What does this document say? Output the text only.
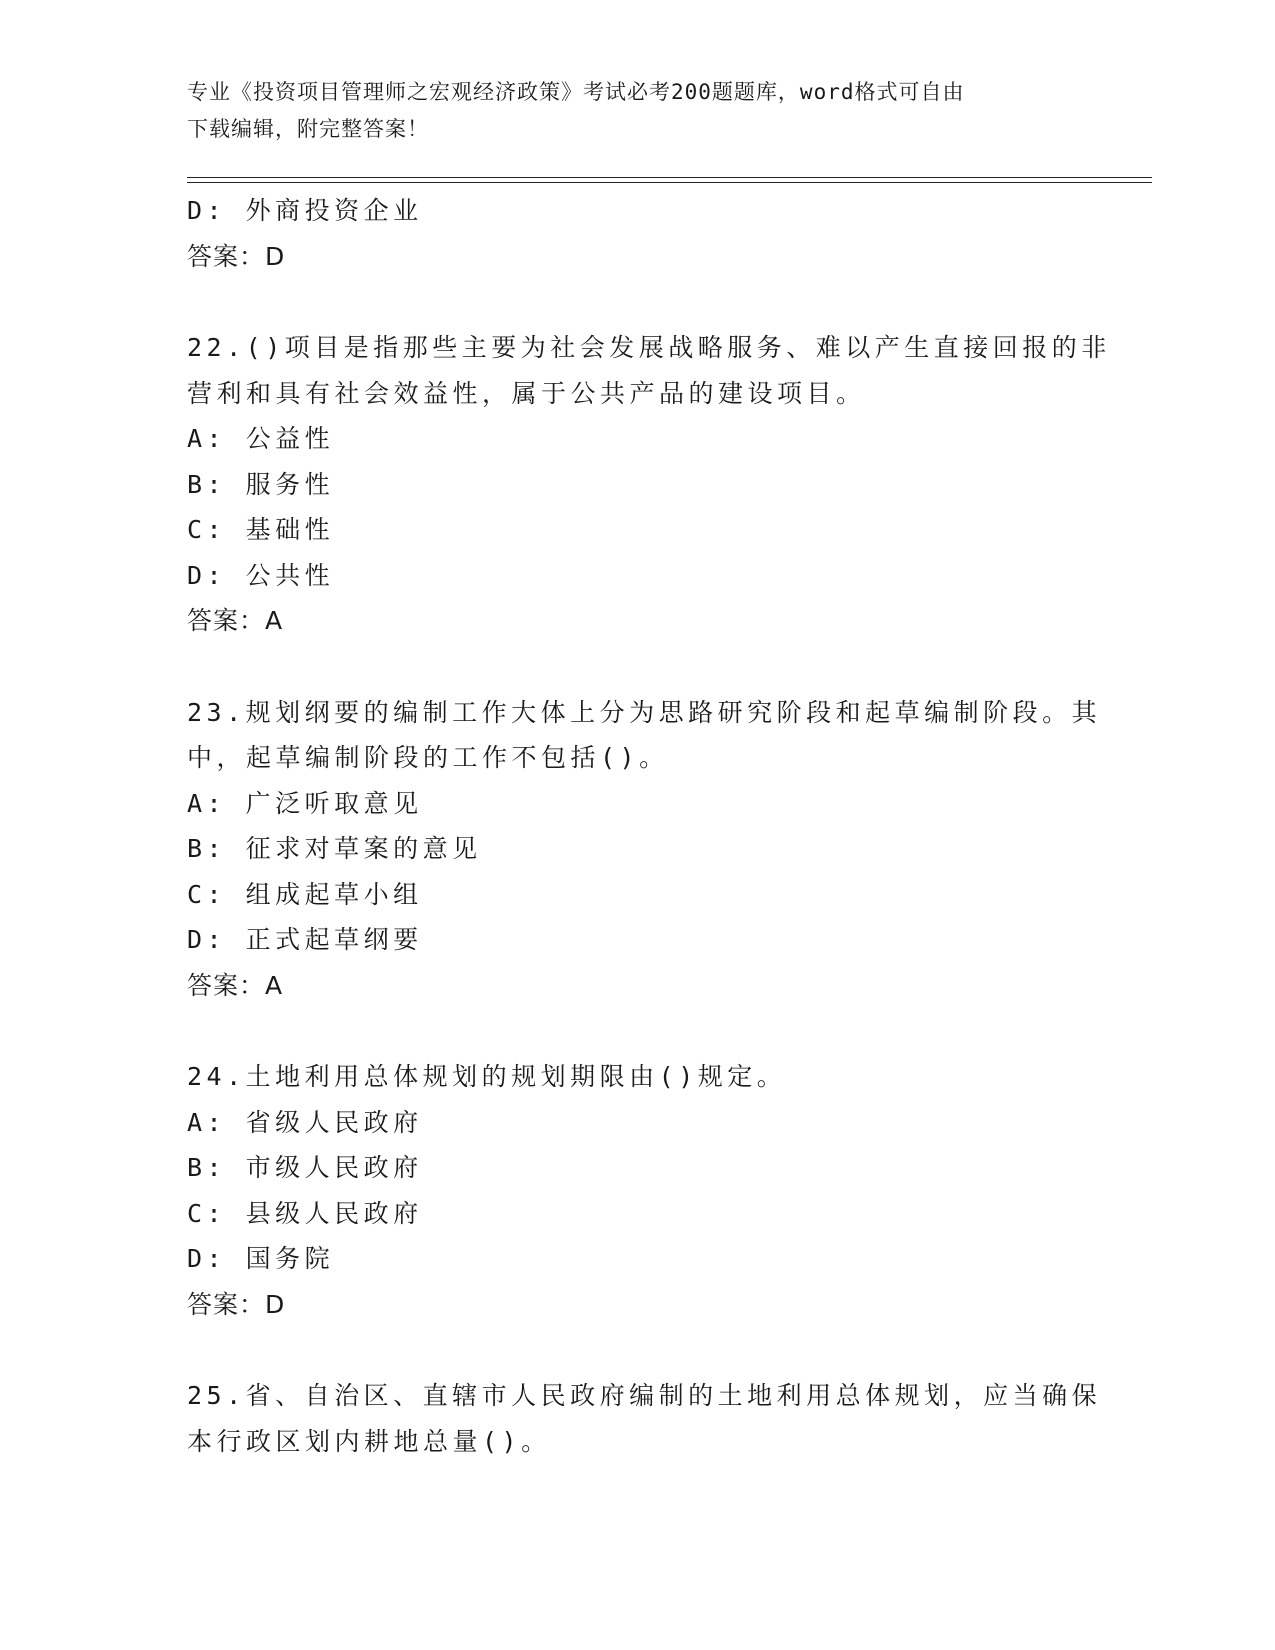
专业《投资项目管理师之宏观经济政策》考试必考200题题库，word格式可自由
下载编辑，附完整答案！
D: 外商投资企业
答案：D
22.()项目是指那些主要为社会发展战略服务、难以产生直接回报的非
营利和具有社会效益性，属于公共产品的建设项目。
A: 公益性
B: 服务性
C: 基础性
D: 公共性
答案：A
23.规划纲要的编制工作大体上分为思路研究阶段和起草编制阶段。其
中，起草编制阶段的工作不包括()。
A: 广泛听取意见
B: 征求对草案的意见
C: 组成起草小组
D: 正式起草纲要
答案：A
24.土地利用总体规划的规划期限由()规定。
A: 省级人民政府
B: 市级人民政府
C: 县级人民政府
D: 国务院
答案：D
25.省、自治区、直辖市人民政府编制的土地利用总体规划，应当确保
本行政区划内耕地总量()。
